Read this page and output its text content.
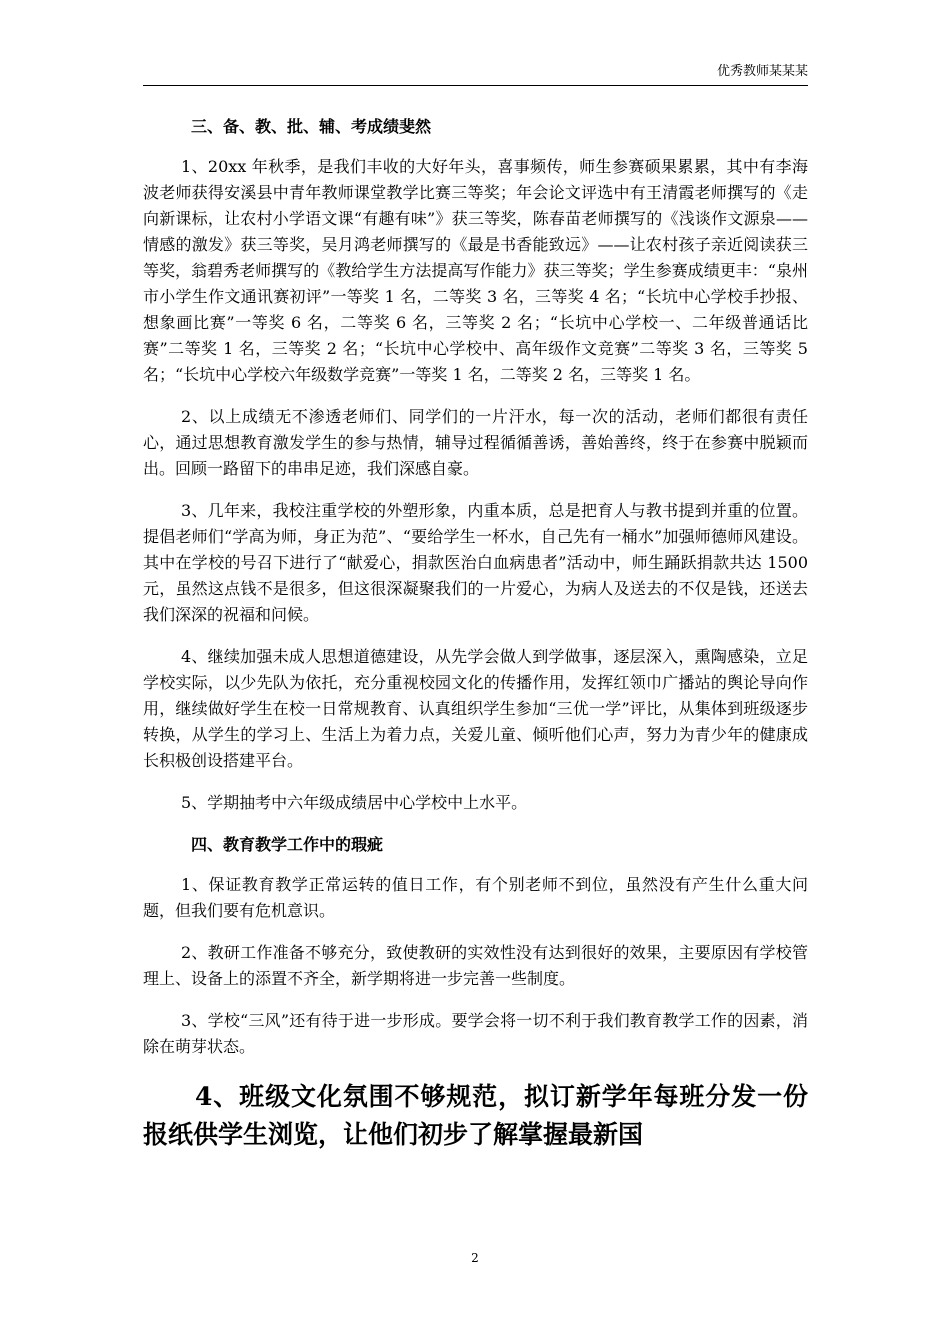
优秀教师某某某

三、备、教、批、辅、考成绩斐然

1、20xx 年秋季，是我们丰收的大好年头，喜事频传，师生参赛硕果累累，其中有李海波老师获得安溪县中青年教师课堂教学比赛三等奖；年会论文评选中有王清霞老师撰写的《走向新课标，让农村小学语文课“有趣有味”》获三等奖，陈春苗老师撰写的《浅谈作文源泉——情感的激发》获三等奖，吴月鸿老师撰写的《最是书香能致远》——让农村孩子亲近阅读获三等奖，翁碧秀老师撰写的《教给学生方法提高写作能力》获三等奖；学生参赛成绩更丰：“泉州市小学生作文通讯赛初评”一等奖 1 名，二等奖 3 名，三等奖 4 名；“长坑中心学校手抄报、想象画比赛”一等奖 6 名，二等奖 6 名，三等奖 2 名；“长坑中心学校一、二年级普通话比赛”二等奖 1 名，三等奖 2 名；“长坑中心学校中、高年级作文竞赛”二等奖 3 名，三等奖 5 名；“长坑中心学校六年级数学竞赛”一等奖 1 名，二等奖 2 名，三等奖 1 名。

2、以上成绩无不渗透老师们、同学们的一片汗水，每一次的活动，老师们都很有责任心，通过思想教育激发学生的参与热情，辅导过程循循善诱，善始善终，终于在参赛中脱颖而出。回顾一路留下的串串足迹，我们深感自豪。

3、几年来，我校注重学校的外塑形象，内重本质，总是把育人与教书提到并重的位置。提倡老师们“学高为师，身正为范”、“要给学生一杯水，自己先有一桶水”加强师德师风建设。其中在学校的号召下进行了“献爱心，捐款医治白血病患者”活动中，师生踊跃捐款共达 1500 元，虽然这点钱不是很多，但这很深凝聚我们的一片爱心，为病人及送去的不仅是钱，还送去我们深深的祝福和问候。

4、继续加强未成人思想道德建设，从先学会做人到学做事，逐层深入，熏陶感染，立足学校实际，以少先队为依托，充分重视校园文化的传播作用，发挥红领巾广播站的舆论导向作用，继续做好学生在校一日常规教育、认真组织学生参加“三优一学”评比，从集体到班级逐步转换，从学生的学习上、生活上为着力点，关爱儿童、倾听他们心声，努力为青少年的健康成长积极创设搭建平台。

5、学期抽考中六年级成绩居中心学校中上水平。

四、教育教学工作中的瑕疵

1、保证教育教学正常运转的值日工作，有个别老师不到位，虽然没有产生什么重大问题，但我们要有危机意识。

2、教研工作准备不够充分，致使教研的实效性没有达到很好的效果，主要原因有学校管理上、设备上的添置不齐全，新学期将进一步完善一些制度。

3、学校“三风”还有待于进一步形成。要学会将一切不利于我们教育教学工作的因素，消除在萌芽状态。

4、班级文化氛围不够规范，拟订新学年每班分发一份报纸供学生浏览，让他们初步了解掌握最新国

2
